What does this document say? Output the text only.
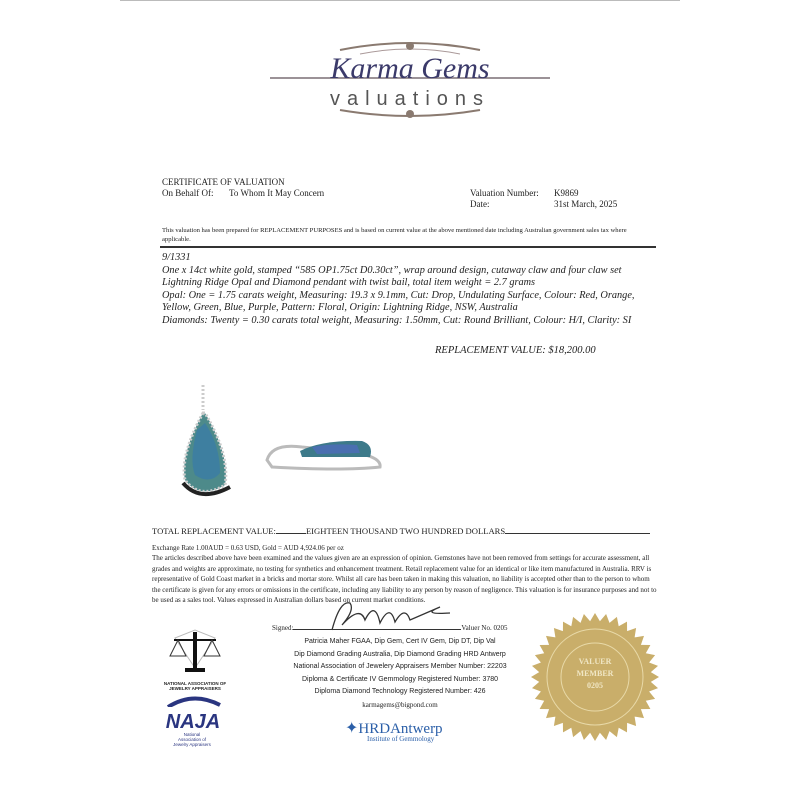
Karma Gems
valuations
CERTIFICATE OF VALUATION
On Behalf Of: To Whom It May Concern	Valuation Number: K9869
Date:	31st March, 2025
This valuation has been prepared for REPLACEMENT PURPOSES and is based on current value at the above mentioned date including Australian government sales tax where applicable.
9/1331
One x 14ct white gold, stamped “585 OP1.75ct D0.30ct”, wrap around design, cutaway claw and four claw set Lightning Ridge Opal and Diamond pendant with twist bail, total item weight = 2.7 grams
Opal: One = 1.75 carats weight, Measuring: 19.3 x 9.1mm, Cut: Drop, Undulating Surface, Colour: Red, Orange, Yellow, Green, Blue, Purple, Pattern: Floral, Origin: Lightning Ridge, NSW, Australia
Diamonds: Twenty = 0.30 carats total weight, Measuring: 1.50mm, Cut: Round Brilliant, Colour: H/I, Clarity: SI
REPLACEMENT VALUE: $18,200.00
TOTAL REPLACEMENT VALUE:	EIGHTEEN THOUSAND TWO HUNDRED DOLLARS
Exchange Rate 1.00AUD = 0.63 USD, Gold = AUD 4,924.06 per oz
The articles described above have been examined and the values given are an expression of opinion. Gemstones have not been removed from settings for accurate assessment, all grades and weights are approximate, no testing for synthetics and enhancement treatment. Retail replacement value for an identical or like item manufactured in Australia. RRV is representative of Gold Coast market in a bricks and mortar store. Whilst all care has been taken in making this valuation, no liability is accepted other than to the person to whom the certificate is given for any errors or omissions in the certificate, including any liability to any person by reason of negligence. This valuation is for insurance purposes and not to be used as a sales tool. Values expressed in Australian dollars based on current market conditions.
Signed:	Valuer No. 0205
Patricia Maher FGAA, Dip Gem, Cert IV Gem, Dip DT, Dip Val
Dip Diamond Grading Australia, Dip Diamond Grading HRD Antwerp
National Association of Jewelery Appraisers Member Number: 22203
Diploma & Certificate IV Gemmology Registered Number: 3780
Diploma Diamond Technology Registered Number: 426
karmagems@bigpond.com
NATIONAL ASSOCIATION OF JEWELRY APPRAISERS
NAJA
National Association of Jewelry Appraisers
✦HRDAntwerp
Institute of Gemmology
VALUER MEMBER 0205
